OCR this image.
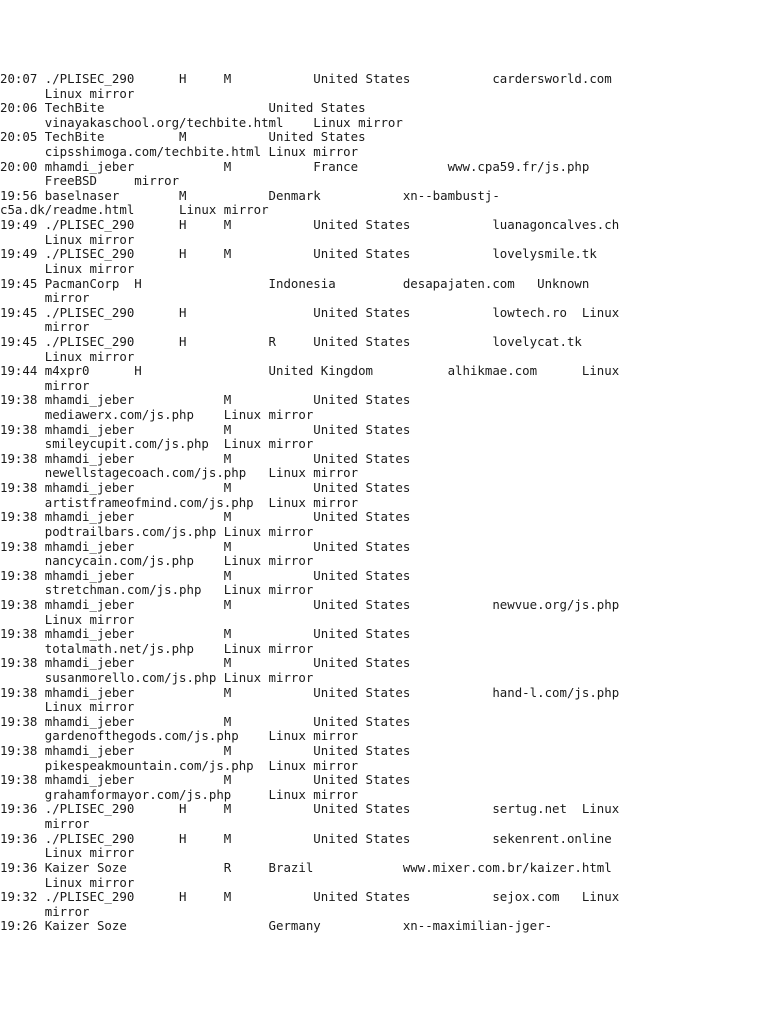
20:07 ./PLISEC_290      H     M           United States           cardersworld.com
Linux mirror
20:06 TechBite                      United States
vinayakaschool.org/techbite.html    Linux mirror
20:05 TechBite          M           United States
cipsshimoga.com/techbite.html Linux mirror
20:00 mhamdi_jeber            M           France            www.cpa59.fr/js.php
FreeBSD     mirror
19:56 baselnaser        M           Denmark           xn--bambustj-
c5a.dk/readme.html      Linux mirror
19:49 ./PLISEC_290      H     M           United States           luanagoncalves.ch
Linux mirror
19:49 ./PLISEC_290      H     M           United States           lovelysmile.tk
Linux mirror
19:45 PacmanCorp  H                 Indonesia         desapajaten.com   Unknown
mirror
19:45 ./PLISEC_290      H                 United States           lowtech.ro  Linux
mirror
19:45 ./PLISEC_290      H           R     United States           lovelycat.tk
Linux mirror
19:44 m4xpr0      H                 United Kingdom          alhikmae.com      Linux
mirror
19:38 mhamdi_jeber            M           United States
mediawerx.com/js.php    Linux mirror
19:38 mhamdi_jeber            M           United States
smileycupit.com/js.php  Linux mirror
19:38 mhamdi_jeber            M           United States
newellstagecoach.com/js.php   Linux mirror
19:38 mhamdi_jeber            M           United States
artistframeofmind.com/js.php  Linux mirror
19:38 mhamdi_jeber            M           United States
podtrailbars.com/js.php Linux mirror
19:38 mhamdi_jeber            M           United States
nancycain.com/js.php    Linux mirror
19:38 mhamdi_jeber            M           United States
stretchman.com/js.php   Linux mirror
19:38 mhamdi_jeber            M           United States           newvue.org/js.php
Linux mirror
19:38 mhamdi_jeber            M           United States
totalmath.net/js.php    Linux mirror
19:38 mhamdi_jeber            M           United States
susanmorello.com/js.php Linux mirror
19:38 mhamdi_jeber            M           United States           hand-l.com/js.php
Linux mirror
19:38 mhamdi_jeber            M           United States
gardenofthegods.com/js.php    Linux mirror
19:38 mhamdi_jeber            M           United States
pikespeakmountain.com/js.php  Linux mirror
19:38 mhamdi_jeber            M           United States
grahamformayor.com/js.php     Linux mirror
19:36 ./PLISEC_290      H     M           United States           sertug.net  Linux
mirror
19:36 ./PLISEC_290      H     M           United States           sekenrent.online
Linux mirror
19:36 Kaizer Soze             R     Brazil            www.mixer.com.br/kaizer.html
Linux mirror
19:32 ./PLISEC_290      H     M           United States           sejox.com   Linux
mirror
19:26 Kaizer Soze                   Germany           xn--maximilian-jger-
